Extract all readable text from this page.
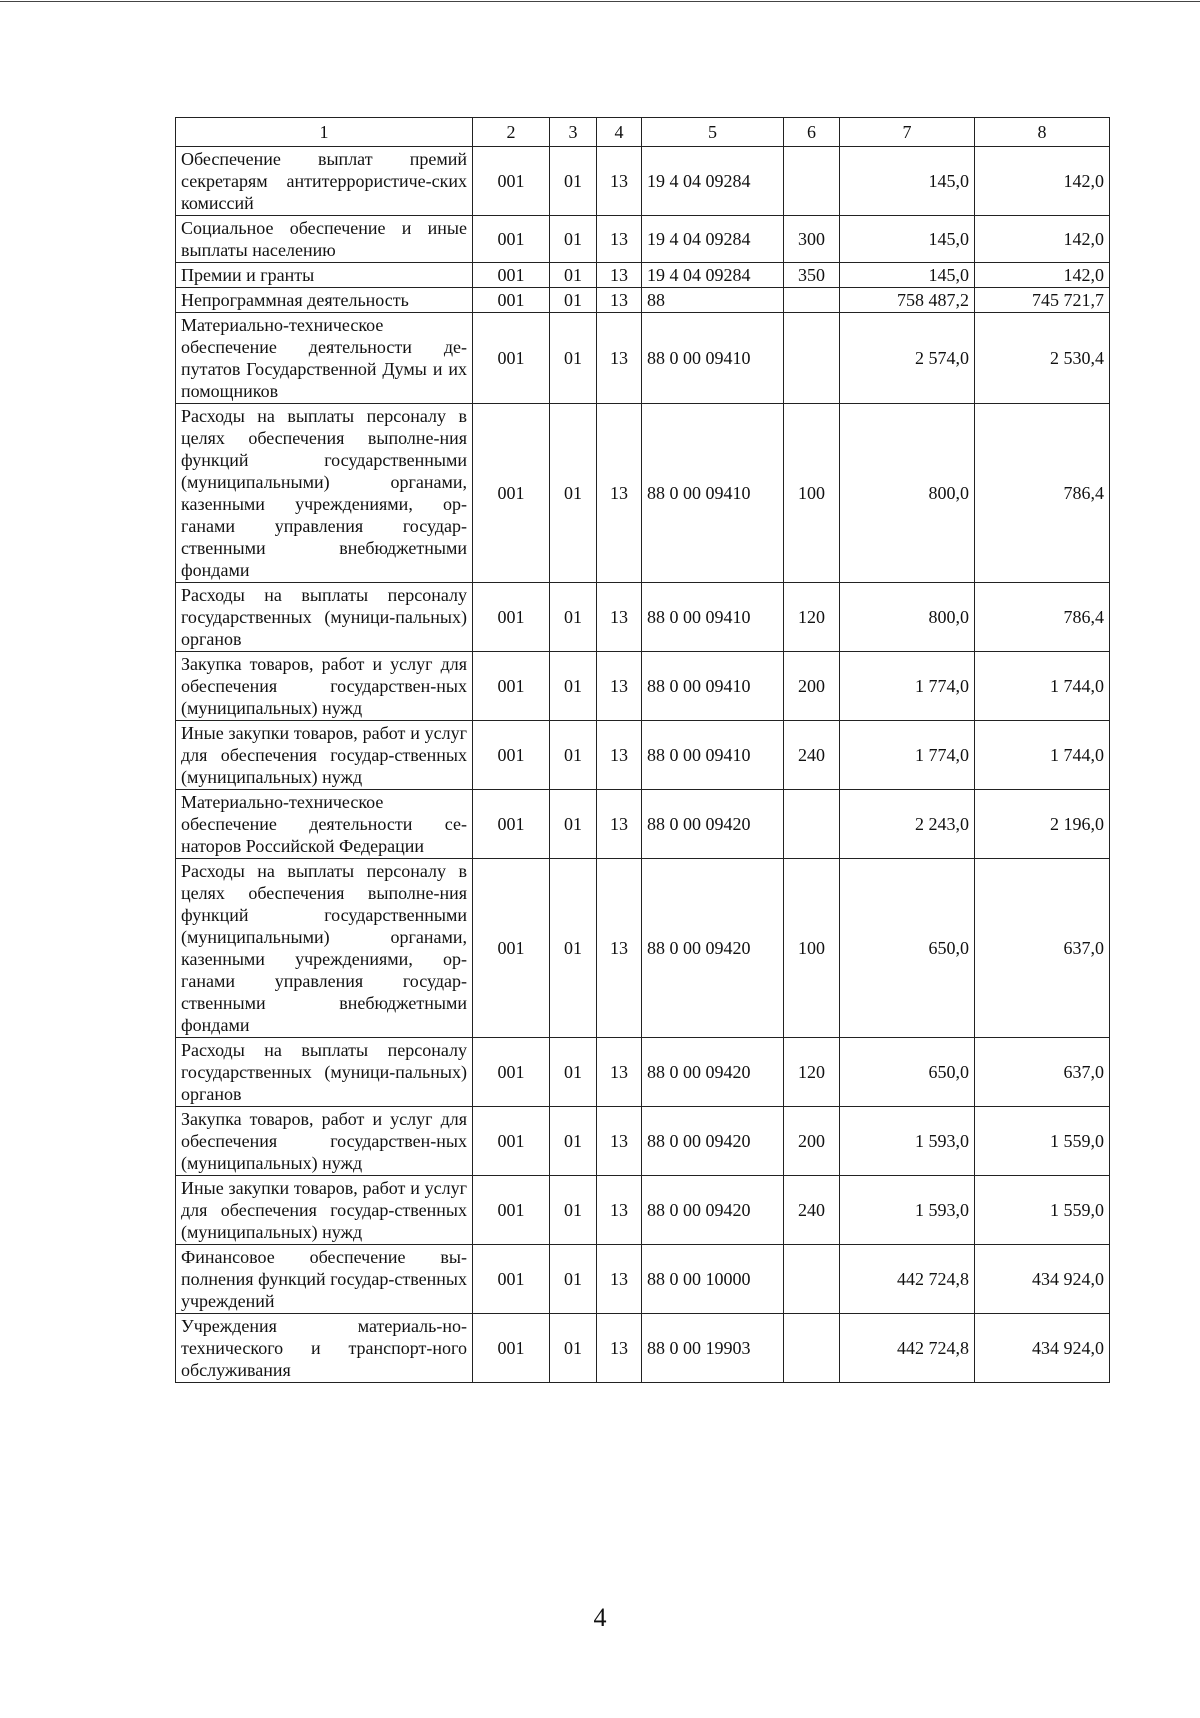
1	2	3	4	5	6	7	8
Обеспечение выплат премий секретарям антитеррористиче-ских комиссий	001	01	13	19 4 04 09284		145,0	142,0
Социальное обеспечение и иные выплаты населению	001	01	13	19 4 04 09284	300	145,0	142,0
Премии и гранты	001	01	13	19 4 04 09284	350	145,0	142,0
Непрограммная деятельность	001	01	13	88		758 487,2	745 721,7
Материально-техническое обеспечение деятельности де-путатов Государственной Думы и их помощников	001	01	13	88 0 00 09410		2 574,0	2 530,4
Расходы на выплаты персоналу в целях обеспечения выполне-ния функций государственными (муниципальными) органами, казенными учреждениями, ор-ганами управления государ-ственными внебюджетными фондами	001	01	13	88 0 00 09410	100	800,0	786,4
Расходы на выплаты персоналу государственных (муници-пальных) органов	001	01	13	88 0 00 09410	120	800,0	786,4
Закупка товаров, работ и услуг для обеспечения государствен-ных (муниципальных) нужд	001	01	13	88 0 00 09410	200	1 774,0	1 744,0
Иные закупки товаров, работ и услуг для обеспечения государ-ственных (муниципальных) нужд	001	01	13	88 0 00 09410	240	1 774,0	1 744,0
Материально-техническое обеспечение деятельности се-наторов Российской Федерации	001	01	13	88 0 00 09420		2 243,0	2 196,0
Расходы на выплаты персоналу в целях обеспечения выполне-ния функций государственными (муниципальными) органами, казенными учреждениями, ор-ганами управления государ-ственными внебюджетными фондами	001	01	13	88 0 00 09420	100	650,0	637,0
Расходы на выплаты персоналу государственных (муници-пальных) органов	001	01	13	88 0 00 09420	120	650,0	637,0
Закупка товаров, работ и услуг для обеспечения государствен-ных (муниципальных) нужд	001	01	13	88 0 00 09420	200	1 593,0	1 559,0
Иные закупки товаров, работ и услуг для обеспечения государ-ственных (муниципальных) нужд	001	01	13	88 0 00 09420	240	1 593,0	1 559,0
Финансовое обеспечение вы-полнения функций государ-ственных учреждений	001	01	13	88 0 00 10000		442 724,8	434 924,0
Учреждения материаль-но-технического и транспорт-ного обслуживания	001	01	13	88 0 00 19903		442 724,8	434 924,0
4
